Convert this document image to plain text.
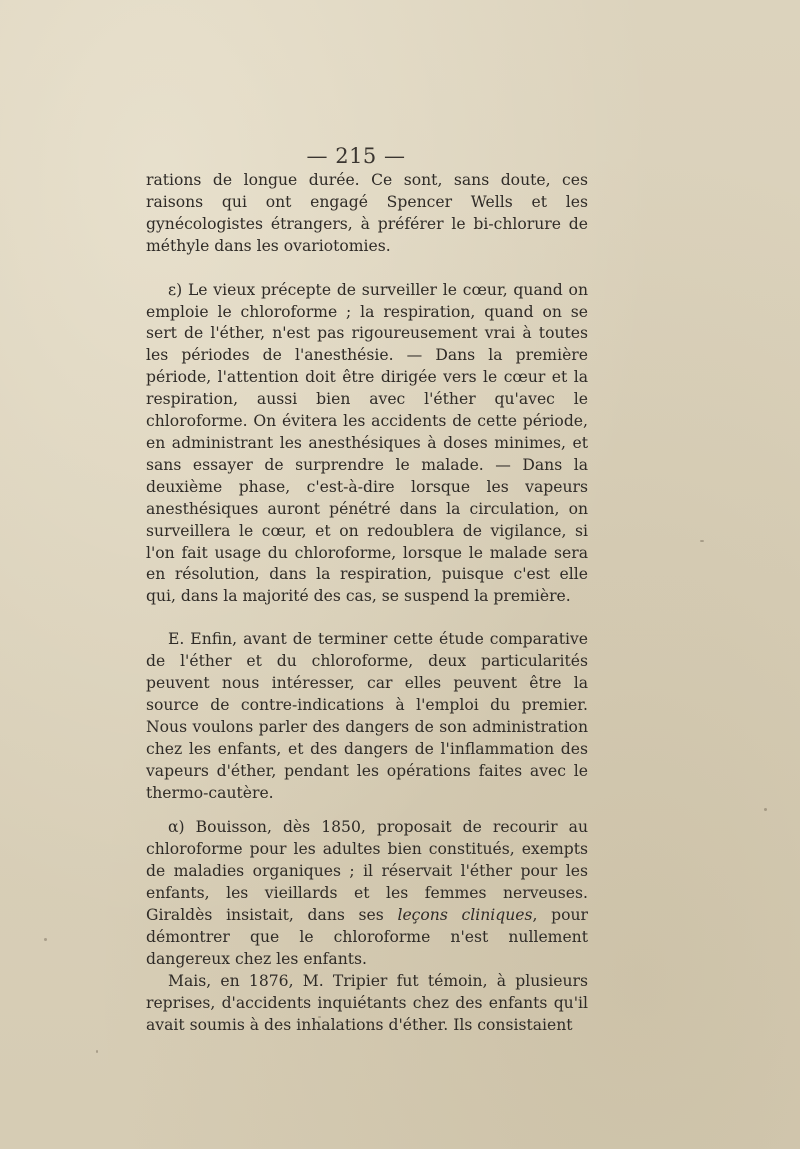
— 215 —

rations de longue durée. Ce sont, sans doute, ces raisons qui ont engagé Spencer Wells et les gynécologistes étrangers, à préférer le bi-chlorure de méthyle dans les ovariotomies.

ε) Le vieux précepte de surveiller le cœur, quand on emploie le chloroforme ; la respiration, quand on se sert de l'éther, n'est pas rigoureusement vrai à toutes les périodes de l'anesthésie. — Dans la première période, l'attention doit être dirigée vers le cœur et la respiration, aussi bien avec l'éther qu'avec le chloroforme. On évitera les accidents de cette période, en administrant les anesthésiques à doses minimes, et sans essayer de surprendre le malade. — Dans la deuxième phase, c'est-à-dire lorsque les vapeurs anesthésiques auront pénétré dans la circulation, on surveillera le cœur, et on redoublera de vigilance, si l'on fait usage du chloroforme, lorsque le malade sera en résolution, dans la respiration, puisque c'est elle qui, dans la majorité des cas, se suspend la première.

E. Enfin, avant de terminer cette étude comparative de l'éther et du chloroforme, deux particularités peuvent nous intéresser, car elles peuvent être la source de contre-indications à l'emploi du premier. Nous voulons parler des dangers de son administration chez les enfants, et des dangers de l'inflammation des vapeurs d'éther, pendant les opérations faites avec le thermo-cautère.

α) Bouisson, dès 1850, proposait de recourir au chloroforme pour les adultes bien constitués, exempts de maladies organiques ; il réservait l'éther pour les enfants, les vieillards et les femmes nerveuses. Giraldès insistait, dans ses leçons cliniques, pour démontrer que le chloroforme n'est nullement dangereux chez les enfants.

Mais, en 1876, M. Tripier fut témoin, à plusieurs reprises, d'accidents inquiétants chez des enfants qu'il avait soumis à des inhalations d'éther. Ils consistaient
